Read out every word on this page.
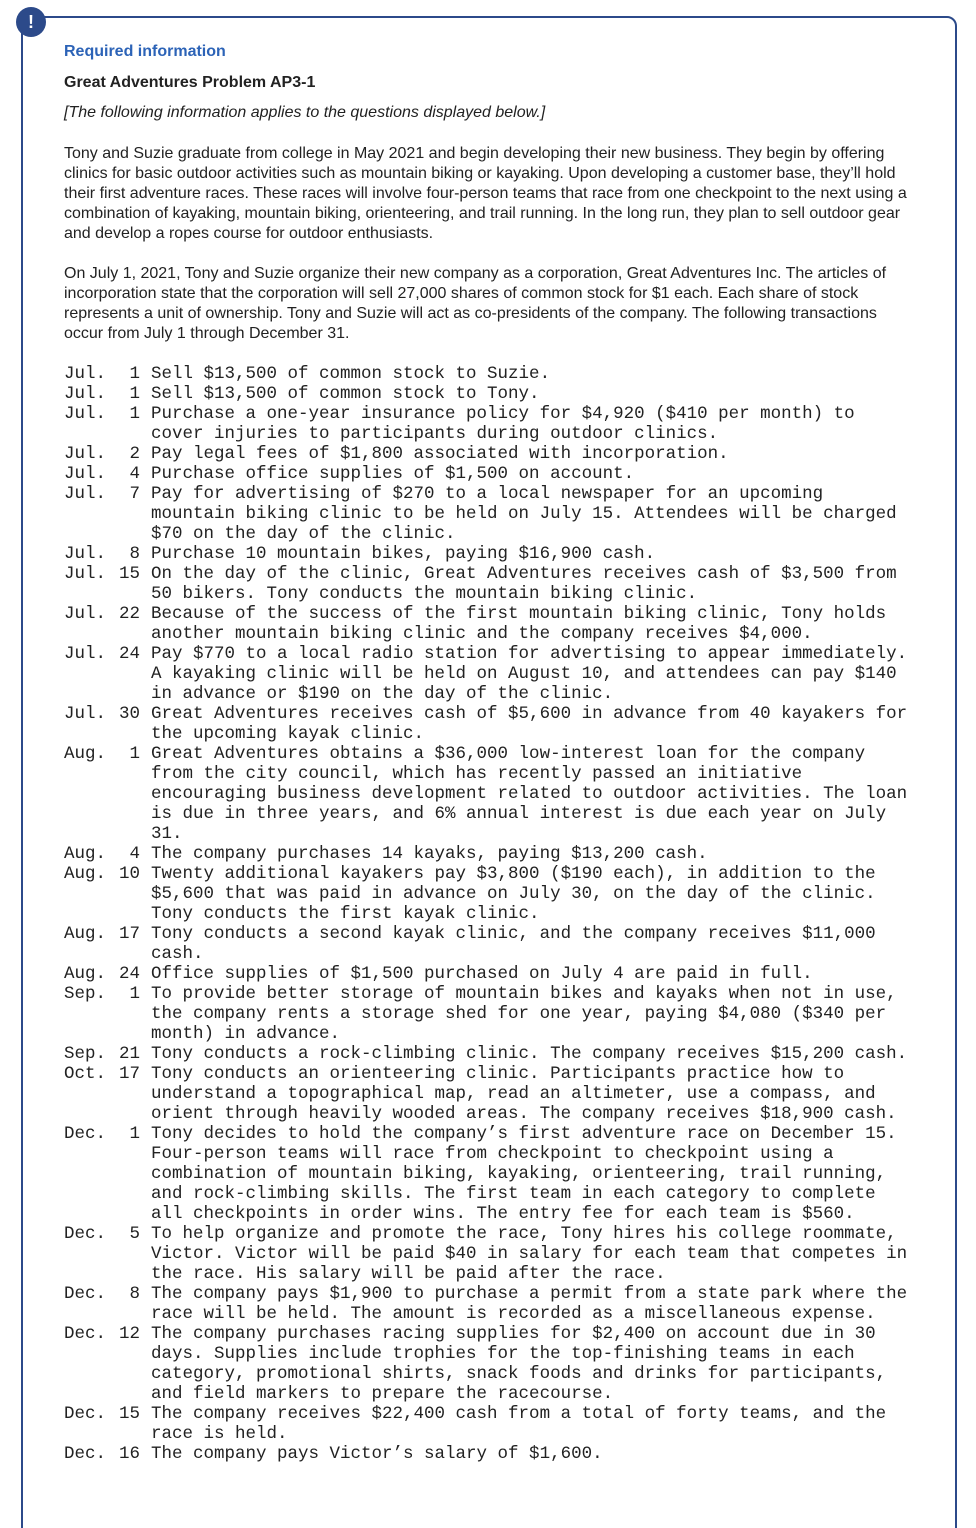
!

Required information

Great Adventures Problem AP3-1

[The following information applies to the questions displayed below.]

Tony and Suzie graduate from college in May 2021 and begin developing their new business. They begin by offering clinics for basic outdoor activities such as mountain biking or kayaking. Upon developing a customer base, they’ll hold their first adventure races. These races will involve four-person teams that race from one checkpoint to the next using a combination of kayaking, mountain biking, orienteering, and trail running. In the long run, they plan to sell outdoor gear and develop a ropes course for outdoor enthusiasts.

On July 1, 2021, Tony and Suzie organize their new company as a corporation, Great Adventures Inc. The articles of incorporation state that the corporation will sell 27,000 shares of common stock for $1 each. Each share of stock represents a unit of ownership. Tony and Suzie will act as co-presidents of the company. The following transactions occur from July 1 through December 31.

Jul.	1 Sell $13,500 of common stock to Suzie.
Jul.	1 Sell $13,500 of common stock to Tony.
Jul.	1 Purchase a one-year insurance policy for $4,920 ($410 per month) to cover injuries to participants during outdoor clinics.
Jul.	2 Pay legal fees of $1,800 associated with incorporation.
Jul.	4 Purchase office supplies of $1,500 on account.
Jul.	7 Pay for advertising of $270 to a local newspaper for an upcoming mountain biking clinic to be held on July 15. Attendees will be charged $70 on the day of the clinic.
Jul.	8 Purchase 10 mountain bikes, paying $16,900 cash.
Jul. 15 On the day of the clinic, Great Adventures receives cash of $3,500 from 50 bikers. Tony conducts the mountain biking clinic.
Jul. 22 Because of the success of the first mountain biking clinic, Tony holds another mountain biking clinic and the company receives $4,000.
Jul. 24 Pay $770 to a local radio station for advertising to appear immediately. A kayaking clinic will be held on August 10, and attendees can pay $140 in advance or $190 on the day of the clinic.
Jul. 30 Great Adventures receives cash of $5,600 in advance from 40 kayakers for the upcoming kayak clinic.
Aug.	1 Great Adventures obtains a $36,000 low-interest loan for the company from the city council, which has recently passed an initiative encouraging business development related to outdoor activities. The loan is due in three years, and 6% annual interest is due each year on July 31.
Aug.	4 The company purchases 14 kayaks, paying $13,200 cash.
Aug. 10 Twenty additional kayakers pay $3,800 ($190 each), in addition to the $5,600 that was paid in advance on July 30, on the day of the clinic. Tony conducts the first kayak clinic.
Aug. 17 Tony conducts a second kayak clinic, and the company receives $11,000 cash.
Aug. 24 Office supplies of $1,500 purchased on July 4 are paid in full.
Sep.	1 To provide better storage of mountain bikes and kayaks when not in use, the company rents a storage shed for one year, paying $4,080 ($340 per month) in advance.
Sep. 21 Tony conducts a rock-climbing clinic. The company receives $15,200 cash.
Oct. 17 Tony conducts an orienteering clinic. Participants practice how to understand a topographical map, read an altimeter, use a compass, and orient through heavily wooded areas. The company receives $18,900 cash.
Dec.	1 Tony decides to hold the company’s first adventure race on December 15. Four-person teams will race from checkpoint to checkpoint using a combination of mountain biking, kayaking, orienteering, trail running, and rock-climbing skills. The first team in each category to complete all checkpoints in order wins. The entry fee for each team is $560.
Dec.	5 To help organize and promote the race, Tony hires his college roommate, Victor. Victor will be paid $40 in salary for each team that competes in the race. His salary will be paid after the race.
Dec.	8 The company pays $1,900 to purchase a permit from a state park where the race will be held. The amount is recorded as a miscellaneous expense.
Dec. 12 The company purchases racing supplies for $2,400 on account due in 30 days. Supplies include trophies for the top-finishing teams in each category, promotional shirts, snack foods and drinks for participants, and field markers to prepare the racecourse.
Dec. 15 The company receives $22,400 cash from a total of forty teams, and the race is held.
Dec. 16 The company pays Victor’s salary of $1,600.
